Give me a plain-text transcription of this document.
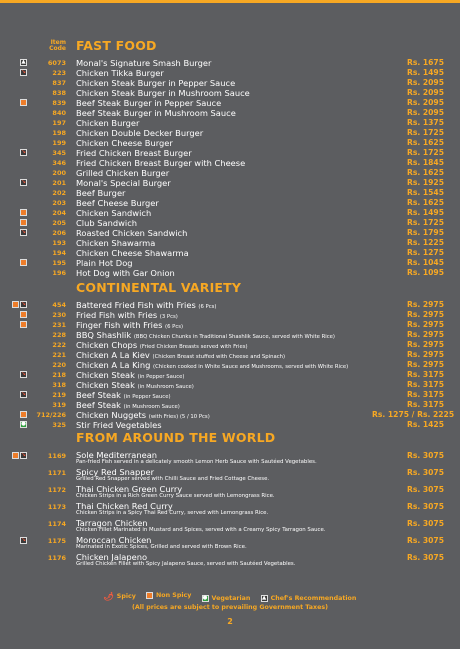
Item Code FAST FOOD
▲	6073 Monal's Signature Smash Burger	Rs. 1675
↘	223 Chicken Tikka Burger	Rs. 1495
837 Chicken Steak Burger in Pepper Sauce	Rs. 2095
838 Chicken Steak Burger in Mushroom Sauce	Rs. 2095
839 Beef Steak Burger in Pepper Sauce	Rs. 2095
840 Beef Steak Burger in Mushroom Sauce	Rs. 2095
197 Chicken Burger	Rs. 1375
198 Chicken Double Decker Burger	Rs. 1725
199 Chicken Cheese Burger	Rs. 1625
↘	345 Fried Chicken Breast Burger	Rs. 1725
346 Fried Chicken Breast Burger with Cheese	Rs. 1845
200 Grilled Chicken Burger	Rs. 1625
↘	201 Monal's Special Burger	Rs. 1925
202 Beef Burger	Rs. 1545
203 Beef Cheese Burger	Rs. 1625
204 Chicken Sandwich	Rs. 1495
205 Club Sandwich	Rs. 1725
↘	206 Roasted Chicken Sandwich	Rs. 1795
193 Chicken Shawarma	Rs. 1225
194 Chicken Cheese Shawarma	Rs. 1275
195 Plain Hot Dog	Rs. 1045
196 Hot Dog with Gar Onion	Rs. 1095
CONTINENTAL VARIETY
↘	454 Battered Fried Fish with Fries (6 Pcs)	Rs. 2975
230 Fried Fish with Fries (3 Pcs)	Rs. 2975
231 Finger Fish with Fries (6 Pcs)	Rs. 2975
228 BBQ Shashlik (BBQ Chicken Chunks in Traditional Shashlik Sauce, served with White Rice)	Rs. 2975
222 Chicken Chops (Fried Chicken Breasts served with Fries)	Rs. 2975
221 Chicken A La Kiev (Chicken Breast stuffed with Cheese and Spinach)	Rs. 2975
220 Chicken A La King (Chicken cooked in White Sauce and Mushrooms, served with White Rice)	Rs. 2975
↘	218 Chicken Steak (in Pepper Sauce)	Rs. 3175
318 Chicken Steak (in Mushroom Sauce)	Rs. 3175
↘	219 Beef Steak (in Pepper Sauce)	Rs. 3175
319 Beef Steak (in Mushroom Sauce)	Rs. 3175
712/226 Chicken Nuggets (with Fries) (5 / 10 Pcs)	Rs. 1275 / Rs. 2225
●	325 Stir Fried Vegetables	Rs. 1425
FROM AROUND THE WORLD
↘	1169 Sole Mediterranean
Pan-fried Fish served in a delicately smooth Lemon Herb Sauce with Sautéed Vegetables.
Rs. 3075
1171 Spicy Red Snapper
Grilled Red Snapper served with Chilli Sauce and Fried Cottage Cheese.
Rs. 3075
1172 Thai Chicken Green Curry
Chicken Strips in a Rich Green Curry Sauce served with Lemongrass Rice.
Rs. 3075
1173 Thai Chicken Red Curry
Chicken Strips in a Spicy Thai Red Curry, served with Lemongrass Rice.
Rs. 3075
1174 Tarragon Chicken
Chicken Fillet Marinated in Mustard and Spices, served with a Creamy Spicy Tarragon Sauce.
Rs. 3075
↘	1175 Moroccan Chicken
Marinated in Exotic Spices, Grilled and served with Brown Rice.
Rs. 3075
1176 Chicken Jalapeno
Grilled Chicken Fillet with Spicy Jalapeno Sauce, served with Sautéed Vegetables.
Rs. 3075
🌶︎ Spicy
	Non Spicy
● Vegetarian
▲ Chef's Recommendation
(All prices are subject to prevailing Government Taxes)
2
